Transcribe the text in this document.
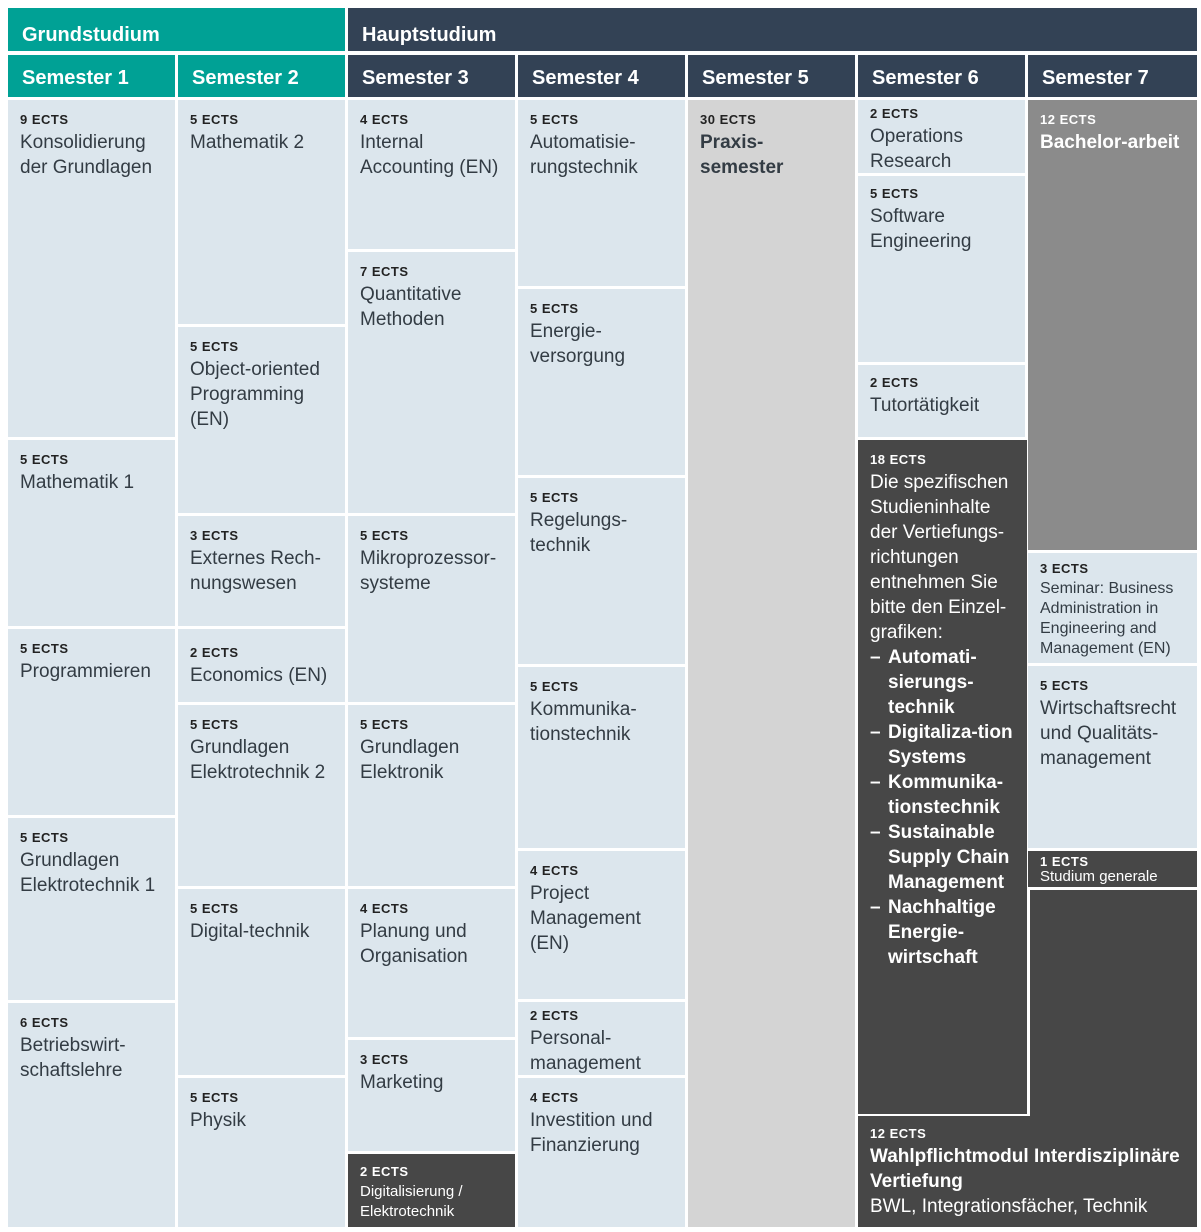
Grundstudium	Hauptstudium
Semester 1	Semester 2	Semester 3	Semester 4	Semester 5	Semester 6	Semester 7
9 ECTS
Konsolidierung der Grundlagen
5 ECTS
Mathematik 1
5 ECTS
Programmieren
5 ECTS
Grundlagen Elektrotechnik 1
6 ECTS
Betriebswirt-schaftslehre
5 ECTS
Mathematik 2
5 ECTS
Object-oriented Programming (EN)
3 ECTS
Externes Rech-nungswesen
2 ECTS
Economics (EN)
5 ECTS
Grundlagen Elektrotechnik 2
5 ECTS
Digital-technik
5 ECTS
Physik
4 ECTS
Internal Accounting (EN)
7 ECTS
Quantitative Methoden
5 ECTS
Mikroprozessor-systeme
5 ECTS
Grundlagen Elektronik
4 ECTS
Planung und Organisation
3 ECTS
Marketing
2 ECTS
Digitalisierung / Elektrotechnik
5 ECTS
Automatisie-rungstechnik
5 ECTS
Energie-versorgung
5 ECTS
Regelungs-technik
5 ECTS
Kommunika-tionstechnik
4 ECTS
Project Management (EN)
2 ECTS
Personal-management
4 ECTS
Investition und Finanzierung
30 ECTS
Praxis-semester
2 ECTS
Operations Research
5 ECTS
Software Engineering
2 ECTS
Tutortätigkeit
18 ECTS
Die spezifischen Studieninhalte der Vertiefungs-richtungen entnehmen Sie bitte den Einzel-grafiken:
– Automati-sierungs-technik
– Digitaliza-tion Systems
– Kommunika-tionstechnik
– Sustainable Supply Chain Management
– Nachhaltige Energie-wirtschaft
12 ECTS
Bachelor-arbeit
3 ECTS
Seminar: Business Administration in Engineering and Management (EN)
5 ECTS
Wirtschaftsrecht und Qualitäts-management
1 ECTS
Studium generale
12 ECTS
Wahlpflichtmodul Interdisziplinäre Vertiefung
BWL, Integrationsfächer, Technik
